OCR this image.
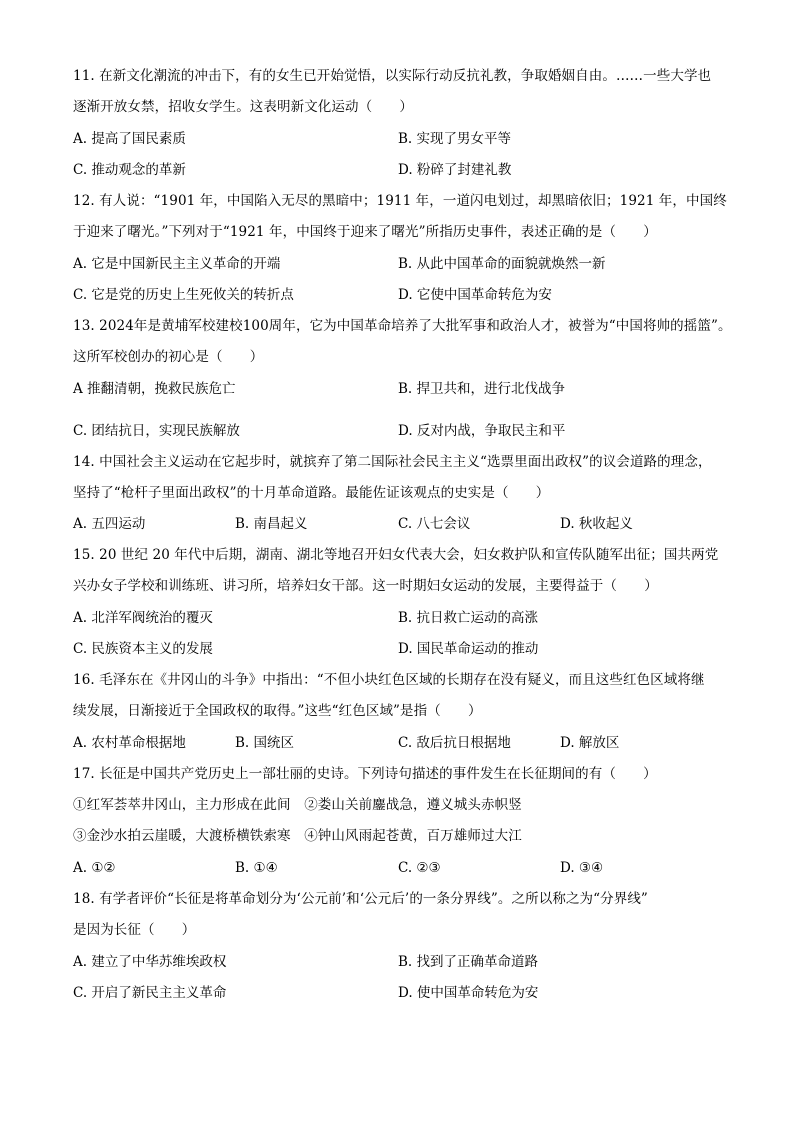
11. 在新文化潮流的冲击下，有的女生已开始觉悟，以实际行动反抗礼教，争取婚姻自由。……一些大学也
逐渐开放女禁，招收女学生。这表明新文化运动（　　）
A. 提高了国民素质	B. 实现了男女平等
C. 推动观念的革新	D. 粉碎了封建礼教
12. 有人说：“1901 年，中国陷入无尽的黑暗中；1911 年，一道闪电划过，却黑暗依旧；1921 年，中国终
于迎来了曙光。”下列对于“1921 年，中国终于迎来了曙光”所指历史事件，表述正确的是（　　）
A. 它是中国新民主主义革命的开端	B. 从此中国革命的面貌就焕然一新
C. 它是党的历史上生死攸关的转折点	D. 它使中国革命转危为安
13. 2024年是黄埔军校建校100周年，它为中国革命培养了大批军事和政治人才，被誉为“中国将帅的摇篮”。
这所军校创办的初心是（　　）
A 推翻清朝，挽救民族危亡	B. 捍卫共和，进行北伐战争
C. 团结抗日，实现民族解放	D. 反对内战，争取民主和平
14. 中国社会主义运动在它起步时，就摈弃了第二国际社会民主主义“选票里面出政权”的议会道路的理念，
坚持了“枪杆子里面出政权”的十月革命道路。最能佐证该观点的史实是（　　）
A. 五四运动	B. 南昌起义	C. 八七会议	D. 秋收起义
15. 20 世纪 20 年代中后期，湖南、湖北等地召开妇女代表大会，妇女救护队和宣传队随军出征；国共两党
兴办女子学校和训练班、讲习所，培养妇女干部。这一时期妇女运动的发展，主要得益于（　　）
A. 北洋军阀统治的覆灭	B. 抗日救亡运动的高涨
C. 民族资本主义的发展	D. 国民革命运动的推动
16. 毛泽东在《井冈山的斗争》中指出：“不但小块红色区域的长期存在没有疑义，而且这些红色区域将继
续发展，日渐接近于全国政权的取得。”这些“红色区域”是指（　　）
A. 农村革命根据地	B. 国统区	C. 敌后抗日根据地	D. 解放区
17. 长征是中国共产党历史上一部壮丽的史诗。下列诗句描述的事件发生在长征期间的有（　　）
①红军荟萃井冈山，主力形成在此间　②娄山关前鏖战急，遵义城头赤帜竖
③金沙水拍云崖暖，大渡桥横铁索寒　④钟山风雨起苍黄，百万雄师过大江
A. ①②	B. ①④	C. ②③	D. ③④
18. 有学者评价“长征是将革命划分为‘公元前’和‘公元后’的一条分界线”。之所以称之为“分界线”
是因为长征（　　）
A. 建立了中华苏维埃政权	B. 找到了正确革命道路
C. 开启了新民主主义革命	D. 使中国革命转危为安
